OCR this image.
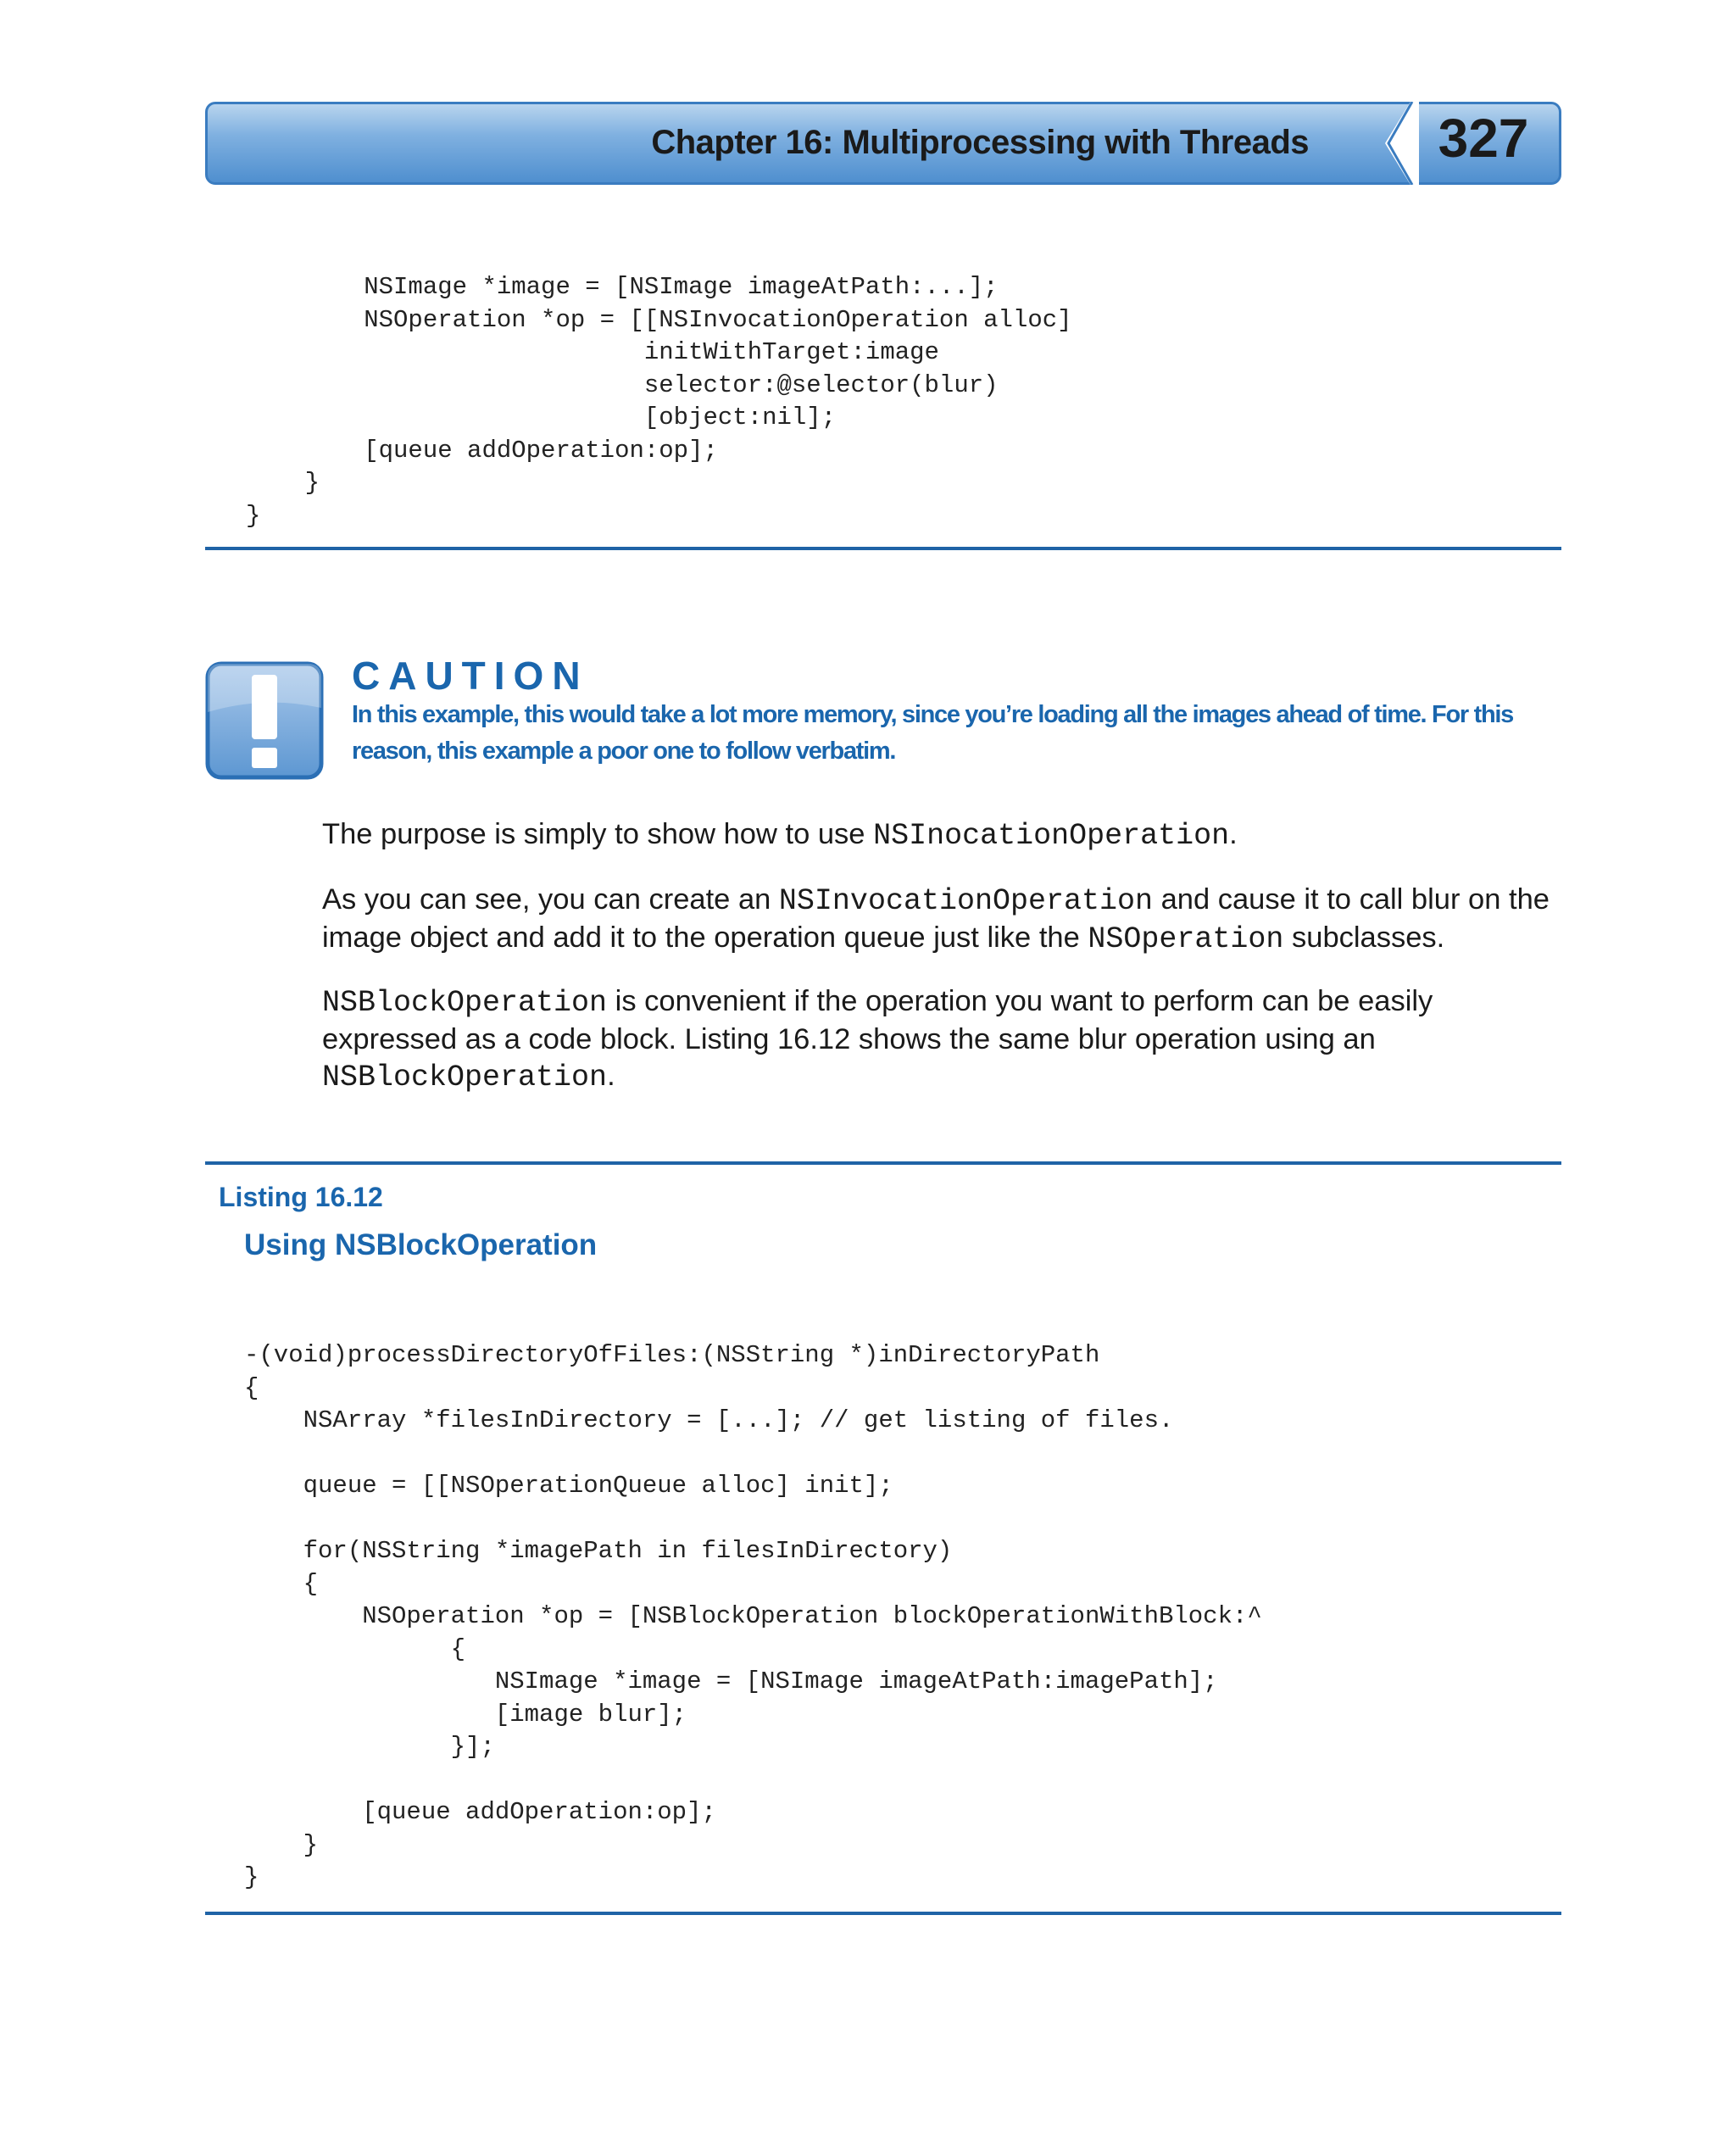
Chapter 16: Multiprocessing with Threads 327
NSImage *image = [NSImage imageAtPath:...];
NSOperation *op = [[NSInvocationOperation alloc]
initWithTarget:image
selector:@selector(blur)
[object:nil];
[queue addOperation:op];
}
}
CAUTION
In this example, this would take a lot more memory, since you’re loading all the images ahead of time. For this reason, this example a poor one to follow verbatim.

The purpose is simply to show how to use NSInocationOperation.

As you can see, you can create an NSInvocationOperation and cause it to call blur on the image object and add it to the operation queue just like the NSOperation subclasses.

NSBlockOperation is convenient if the operation you want to perform can be easily expressed as a code block. Listing 16.12 shows the same blur operation using an NSBlockOperation.

Listing 16.12
Using NSBlockOperation
-(void)processDirectoryOfFiles:(NSString *)inDirectoryPath
{
NSArray *filesInDirectory = [...]; // get listing of files.

queue = [[NSOperationQueue alloc] init];

for(NSString *imagePath in filesInDirectory)
{
NSOperation *op = [NSBlockOperation blockOperationWithBlock:^
{
NSImage *image = [NSImage imageAtPath:imagePath];
[image blur];
}];

[queue addOperation:op];
}
}
